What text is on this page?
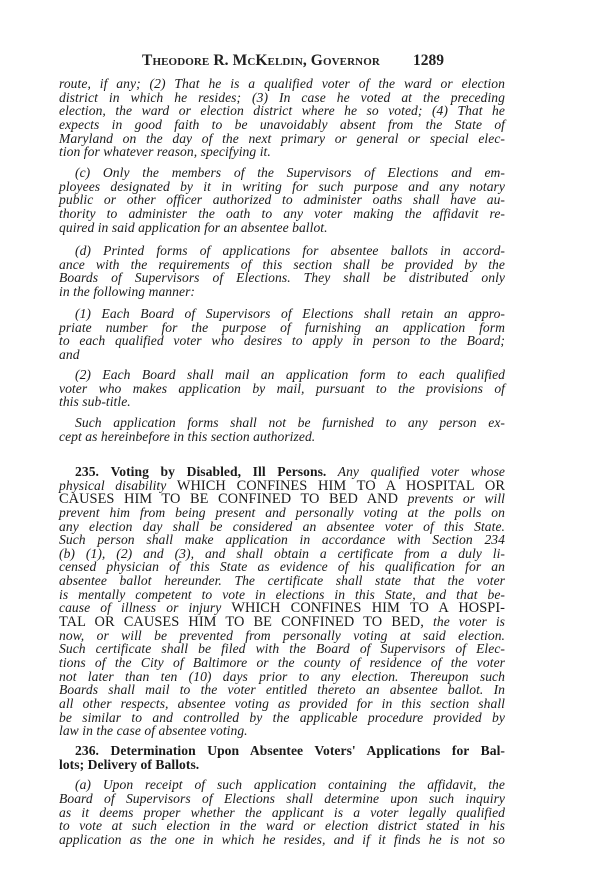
Theodore R. McKeldin, Governor 1289
route, if any; (2) That he is a qualified voter of the ward or election
district in which he resides; (3) In case he voted at the preceding
election, the ward or election district where he so voted; (4) That he
expects in good faith to be unavoidably absent from the State of
Maryland on the day of the next primary or general or special elec-
tion for whatever reason, specifying it.
(c) Only the members of the Supervisors of Elections and em-
ployees designated by it in writing for such purpose and any notary
public or other officer authorized to administer oaths shall have au-
thority to administer the oath to any voter making the affidavit re-
quired in said application for an absentee ballot.
(d) Printed forms of applications for absentee ballots in accord-
ance with the requirements of this section shall be provided by the
Boards of Supervisors of Elections. They shall be distributed only
in the following manner:
(1) Each Board of Supervisors of Elections shall retain an appro-
priate number for the purpose of furnishing an application form
to each qualified voter who desires to apply in person to the Board;
and
(2) Each Board shall mail an application form to each qualified
voter who makes application by mail, pursuant to the provisions of
this sub-title.
Such application forms shall not be furnished to any person ex-
cept as hereinbefore in this section authorized.
235. Voting by Disabled, Ill Persons. Any qualified voter whose
physical disability WHICH CONFINES HIM TO A HOSPITAL OR
CAUSES HIM TO BE CONFINED TO BED AND prevents or will
prevent him from being present and personally voting at the polls on
any election day shall be considered an absentee voter of this State.
Such person shall make application in accordance with Section 234
(b) (1), (2) and (3), and shall obtain a certificate from a duly li-
censed physician of this State as evidence of his qualification for an
absentee ballot hereunder. The certificate shall state that the voter
is mentally competent to vote in elections in this State, and that be-
cause of illness or injury WHICH CONFINES HIM TO A HOSPI-
TAL OR CAUSES HIM TO BE CONFINED TO BED, the voter is
now, or will be prevented from personally voting at said election.
Such certificate shall be filed with the Board of Supervisors of Elec-
tions of the City of Baltimore or the county of residence of the voter
not later than ten (10) days prior to any election. Thereupon such
Boards shall mail to the voter entitled thereto an absentee ballot. In
all other respects, absentee voting as provided for in this section shall
be similar to and controlled by the applicable procedure provided by
law in the case of absentee voting.
236. Determination Upon Absentee Voters' Applications for Bal-
lots; Delivery of Ballots.
(a) Upon receipt of such application containing the affidavit, the
Board of Supervisors of Elections shall determine upon such inquiry
as it deems proper whether the applicant is a voter legally qualified
to vote at such election in the ward or election district stated in his
application as the one in which he resides, and if it finds he is not so
